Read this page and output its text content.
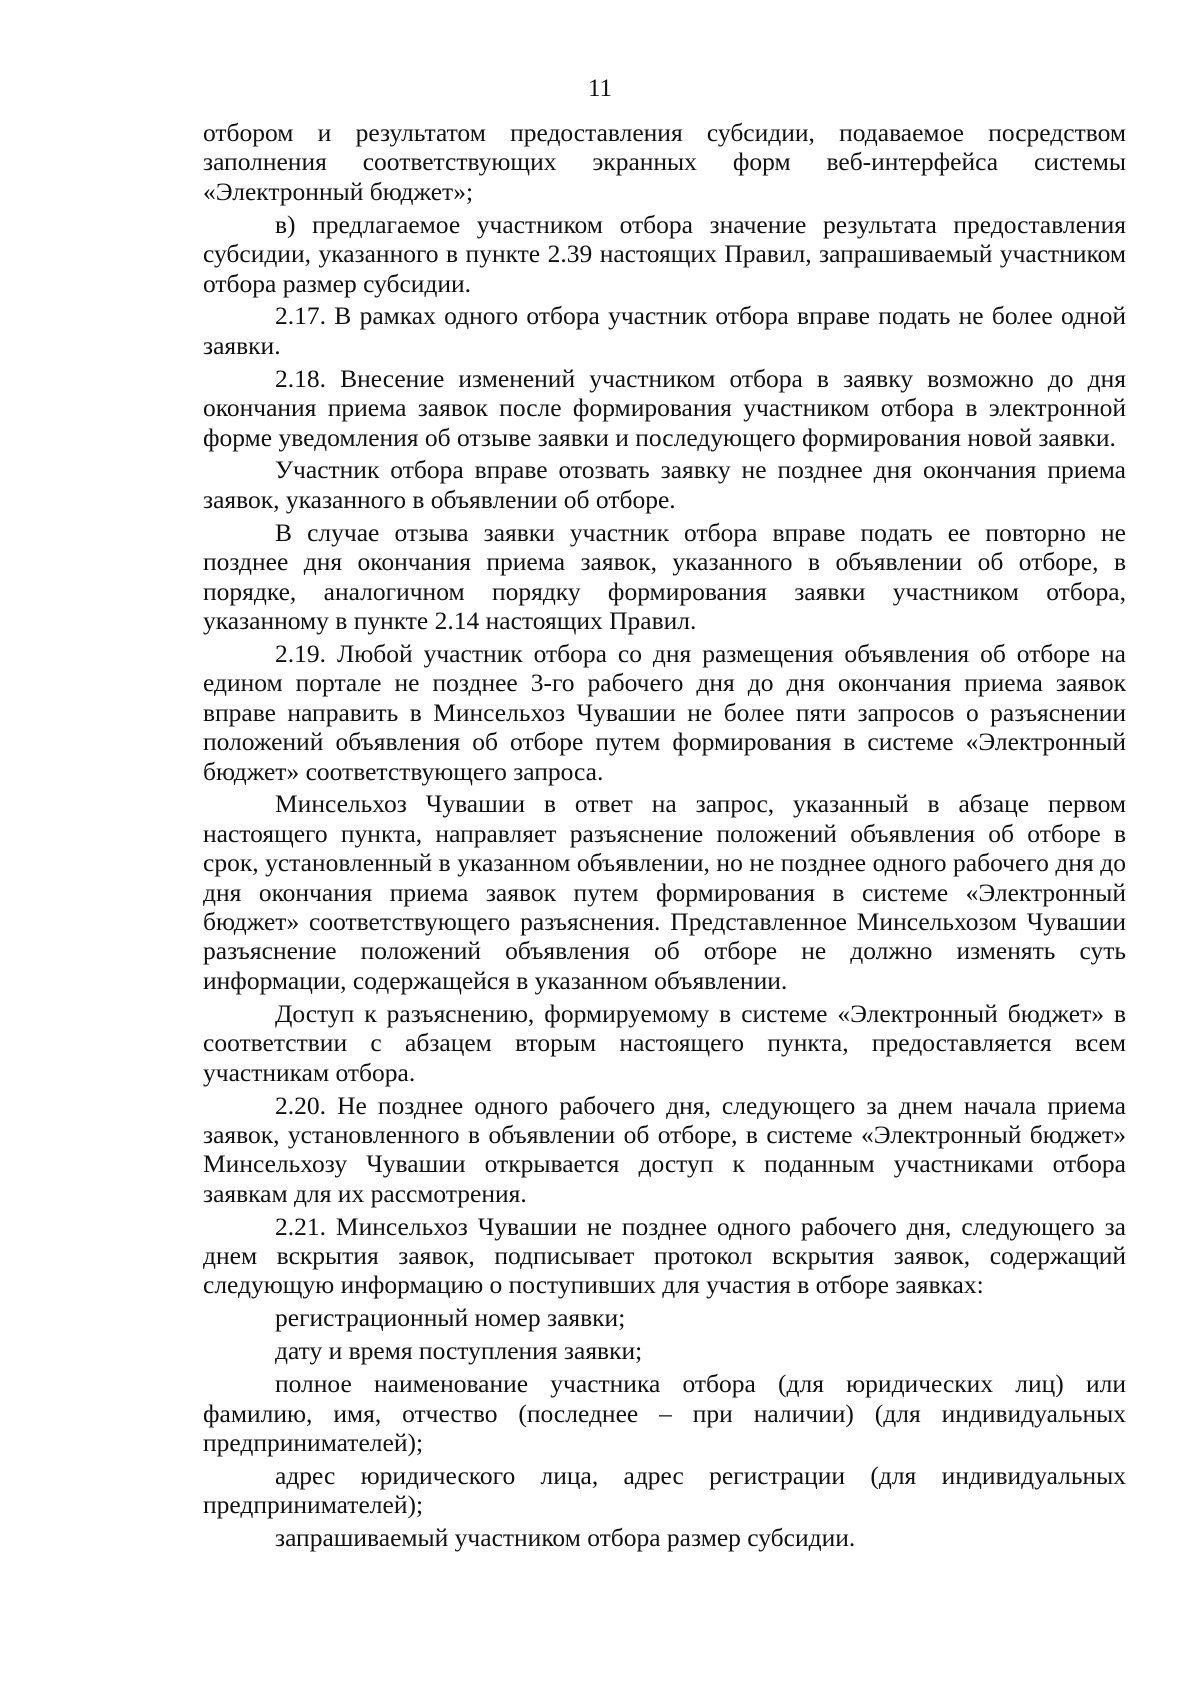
11

отбором и результатом предоставления субсидии, подаваемое посредством заполнения соответствующих экранных форм веб-интерфейса системы «Электронный бюджет»;

в) предлагаемое участником отбора значение результата предоставления субсидии, указанного в пункте 2.39 настоящих Правил, запрашиваемый участником отбора размер субсидии.

2.17. В рамках одного отбора участник отбора вправе подать не более одной заявки.

2.18. Внесение изменений участником отбора в заявку возможно до дня окончания приема заявок после формирования участником отбора в электронной форме уведомления об отзыве заявки и последующего формирования новой заявки.

Участник отбора вправе отозвать заявку не позднее дня окончания приема заявок, указанного в объявлении об отборе.

В случае отзыва заявки участник отбора вправе подать ее повторно не позднее дня окончания приема заявок, указанного в объявлении об отборе, в порядке, аналогичном порядку формирования заявки участником отбора, указанному в пункте 2.14 настоящих Правил.

2.19. Любой участник отбора со дня размещения объявления об отборе на едином портале не позднее 3-го рабочего дня до дня окончания приема заявок вправе направить в Минсельхоз Чувашии не более пяти запросов о разъяснении положений объявления об отборе путем формирования в системе «Электронный бюджет» соответствующего запроса.

Минсельхоз Чувашии в ответ на запрос, указанный в абзаце первом настоящего пункта, направляет разъяснение положений объявления об отборе в срок, установленный в указанном объявлении, но не позднее одного рабочего дня до дня окончания приема заявок путем формирования в системе «Электронный бюджет» соответствующего разъяснения. Представленное Минсельхозом Чувашии разъяснение положений объявления об отборе не должно изменять суть информации, содержащейся в указанном объявлении.

Доступ к разъяснению, формируемому в системе «Электронный бюджет» в соответствии с абзацем вторым настоящего пункта, предоставляется всем участникам отбора.

2.20. Не позднее одного рабочего дня, следующего за днем начала приема заявок, установленного в объявлении об отборе, в системе «Электронный бюджет» Минсельхозу Чувашии открывается доступ к поданным участниками отбора заявкам для их рассмотрения.

2.21. Минсельхоз Чувашии не позднее одного рабочего дня, следующего за днем вскрытия заявок, подписывает протокол вскрытия заявок, содержащий следующую информацию о поступивших для участия в отборе заявках:

регистрационный номер заявки;

дату и время поступления заявки;

полное наименование участника отбора (для юридических лиц) или фамилию, имя, отчество (последнее – при наличии) (для индивидуальных предпринимателей);

адрес юридического лица, адрес регистрации (для индивидуальных предпринимателей);

запрашиваемый участником отбора размер субсидии.
